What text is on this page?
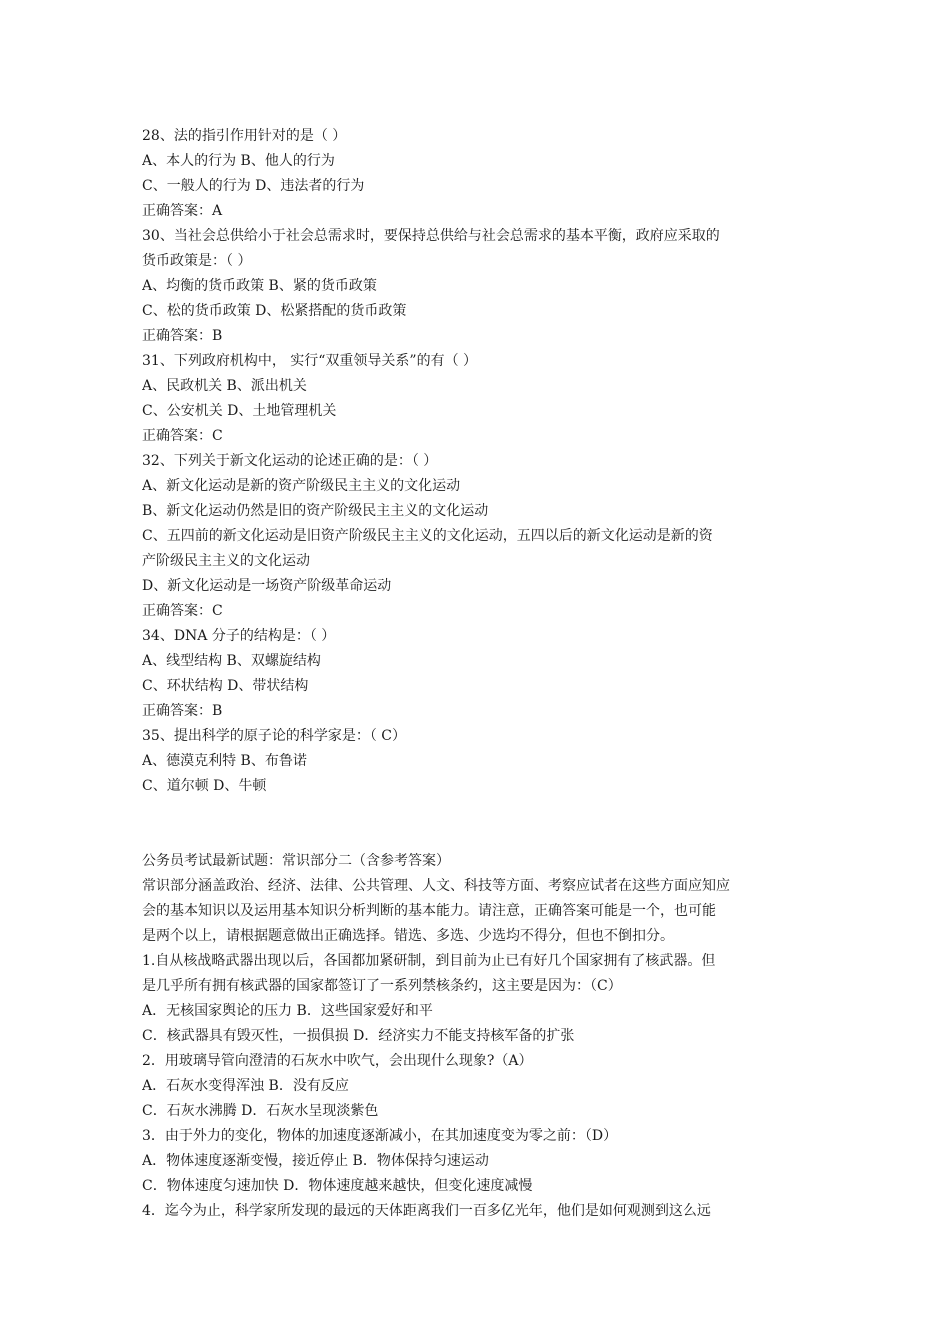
28、法的指引作用针对的是（ ）
A、本人的行为 B、他人的行为
C、一般人的行为 D、违法者的行为
正确答案：A
30、当社会总供给小于社会总需求时，要保持总供给与社会总需求的基本平衡，政府应采取的
货币政策是：（ ）
A、均衡的货币政策 B、紧的货币政策
C、松的货币政策 D、松紧搭配的货币政策
正确答案：B
31、下列政府机构中， 实行“双重领导关系”的有（ ）
A、民政机关 B、派出机关
C、公安机关 D、土地管理机关
正确答案：C
32、下列关于新文化运动的论述正确的是：（ ）
A、新文化运动是新的资产阶级民主主义的文化运动
B、新文化运动仍然是旧的资产阶级民主主义的文化运动
C、五四前的新文化运动是旧资产阶级民主主义的文化运动，五四以后的新文化运动是新的资
产阶级民主主义的文化运动
D、新文化运动是一场资产阶级革命运动
正确答案：C
34、DNA 分子的结构是：（ ）
A、线型结构 B、双螺旋结构
C、环状结构 D、带状结构
正确答案：B
35、提出科学的原子论的科学家是：（ C）
A、德漠克利特 B、布鲁诺
C、道尔顿 D、牛顿
公务员考试最新试题：常识部分二（含参考答案）
常识部分涵盖政治、经济、法律、公共管理、人文、科技等方面、考察应试者在这些方面应知应
会的基本知识以及运用基本知识分析判断的基本能力。请注意，正确答案可能是一个，也可能
是两个以上，请根据题意做出正确选择。错选、多选、少选均不得分，但也不倒扣分。
1.自从核战略武器出现以后，各国都加紧研制，到目前为止已有好几个国家拥有了核武器。但
是几乎所有拥有核武器的国家都签订了一系列禁核条约，这主要是因为：（C）
A．无核国家舆论的压力 B．这些国家爱好和平
C．核武器具有毁灭性，一损俱损 D．经济实力不能支持核军备的扩张
2．用玻璃导管向澄清的石灰水中吹气，会出现什么现象?（A）
A．石灰水变得浑浊 B．没有反应
C．石灰水沸腾 D．石灰水呈现淡紫色
3．由于外力的变化，物体的加速度逐渐减小，在其加速度变为零之前：（D）
A．物体速度逐渐变慢，接近停止 B．物体保持匀速运动
C．物体速度匀速加快 D．物体速度越来越快，但变化速度减慢
4．迄今为止，科学家所发现的最远的天体距离我们一百多亿光年，他们是如何观测到这么远
